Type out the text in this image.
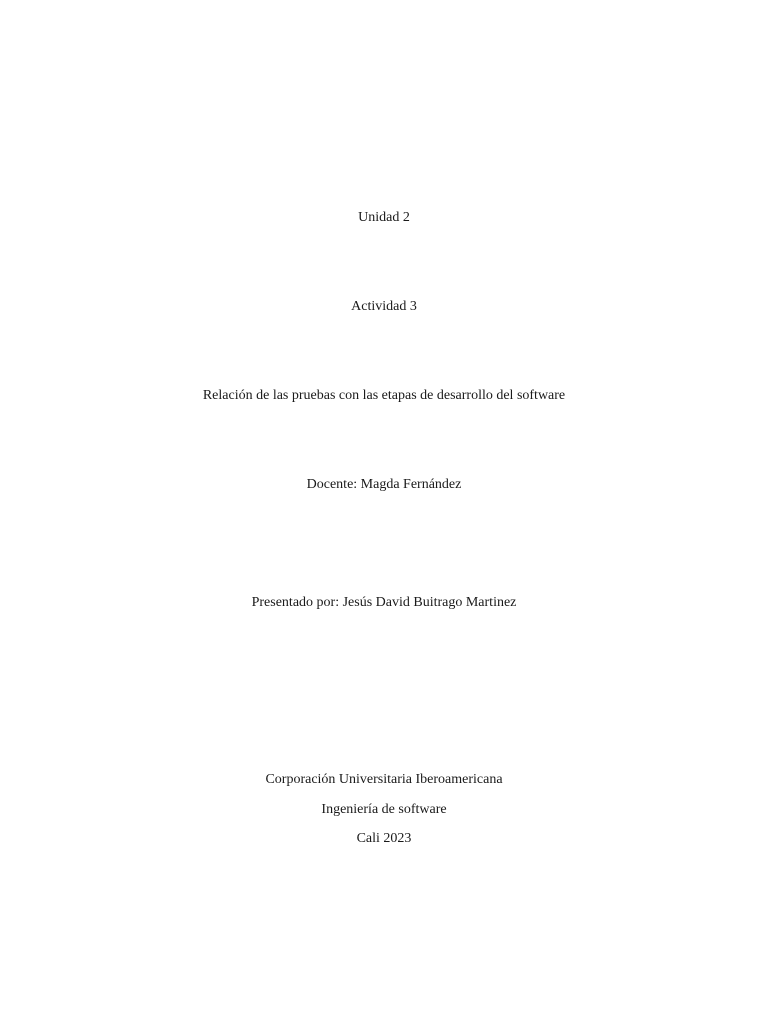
Unidad 2
Actividad 3
Relación de las pruebas con las etapas de desarrollo del software
Docente: Magda Fernández
Presentado por: Jesús David Buitrago Martinez
Corporación Universitaria Iberoamericana
Ingeniería de software
Cali 2023
